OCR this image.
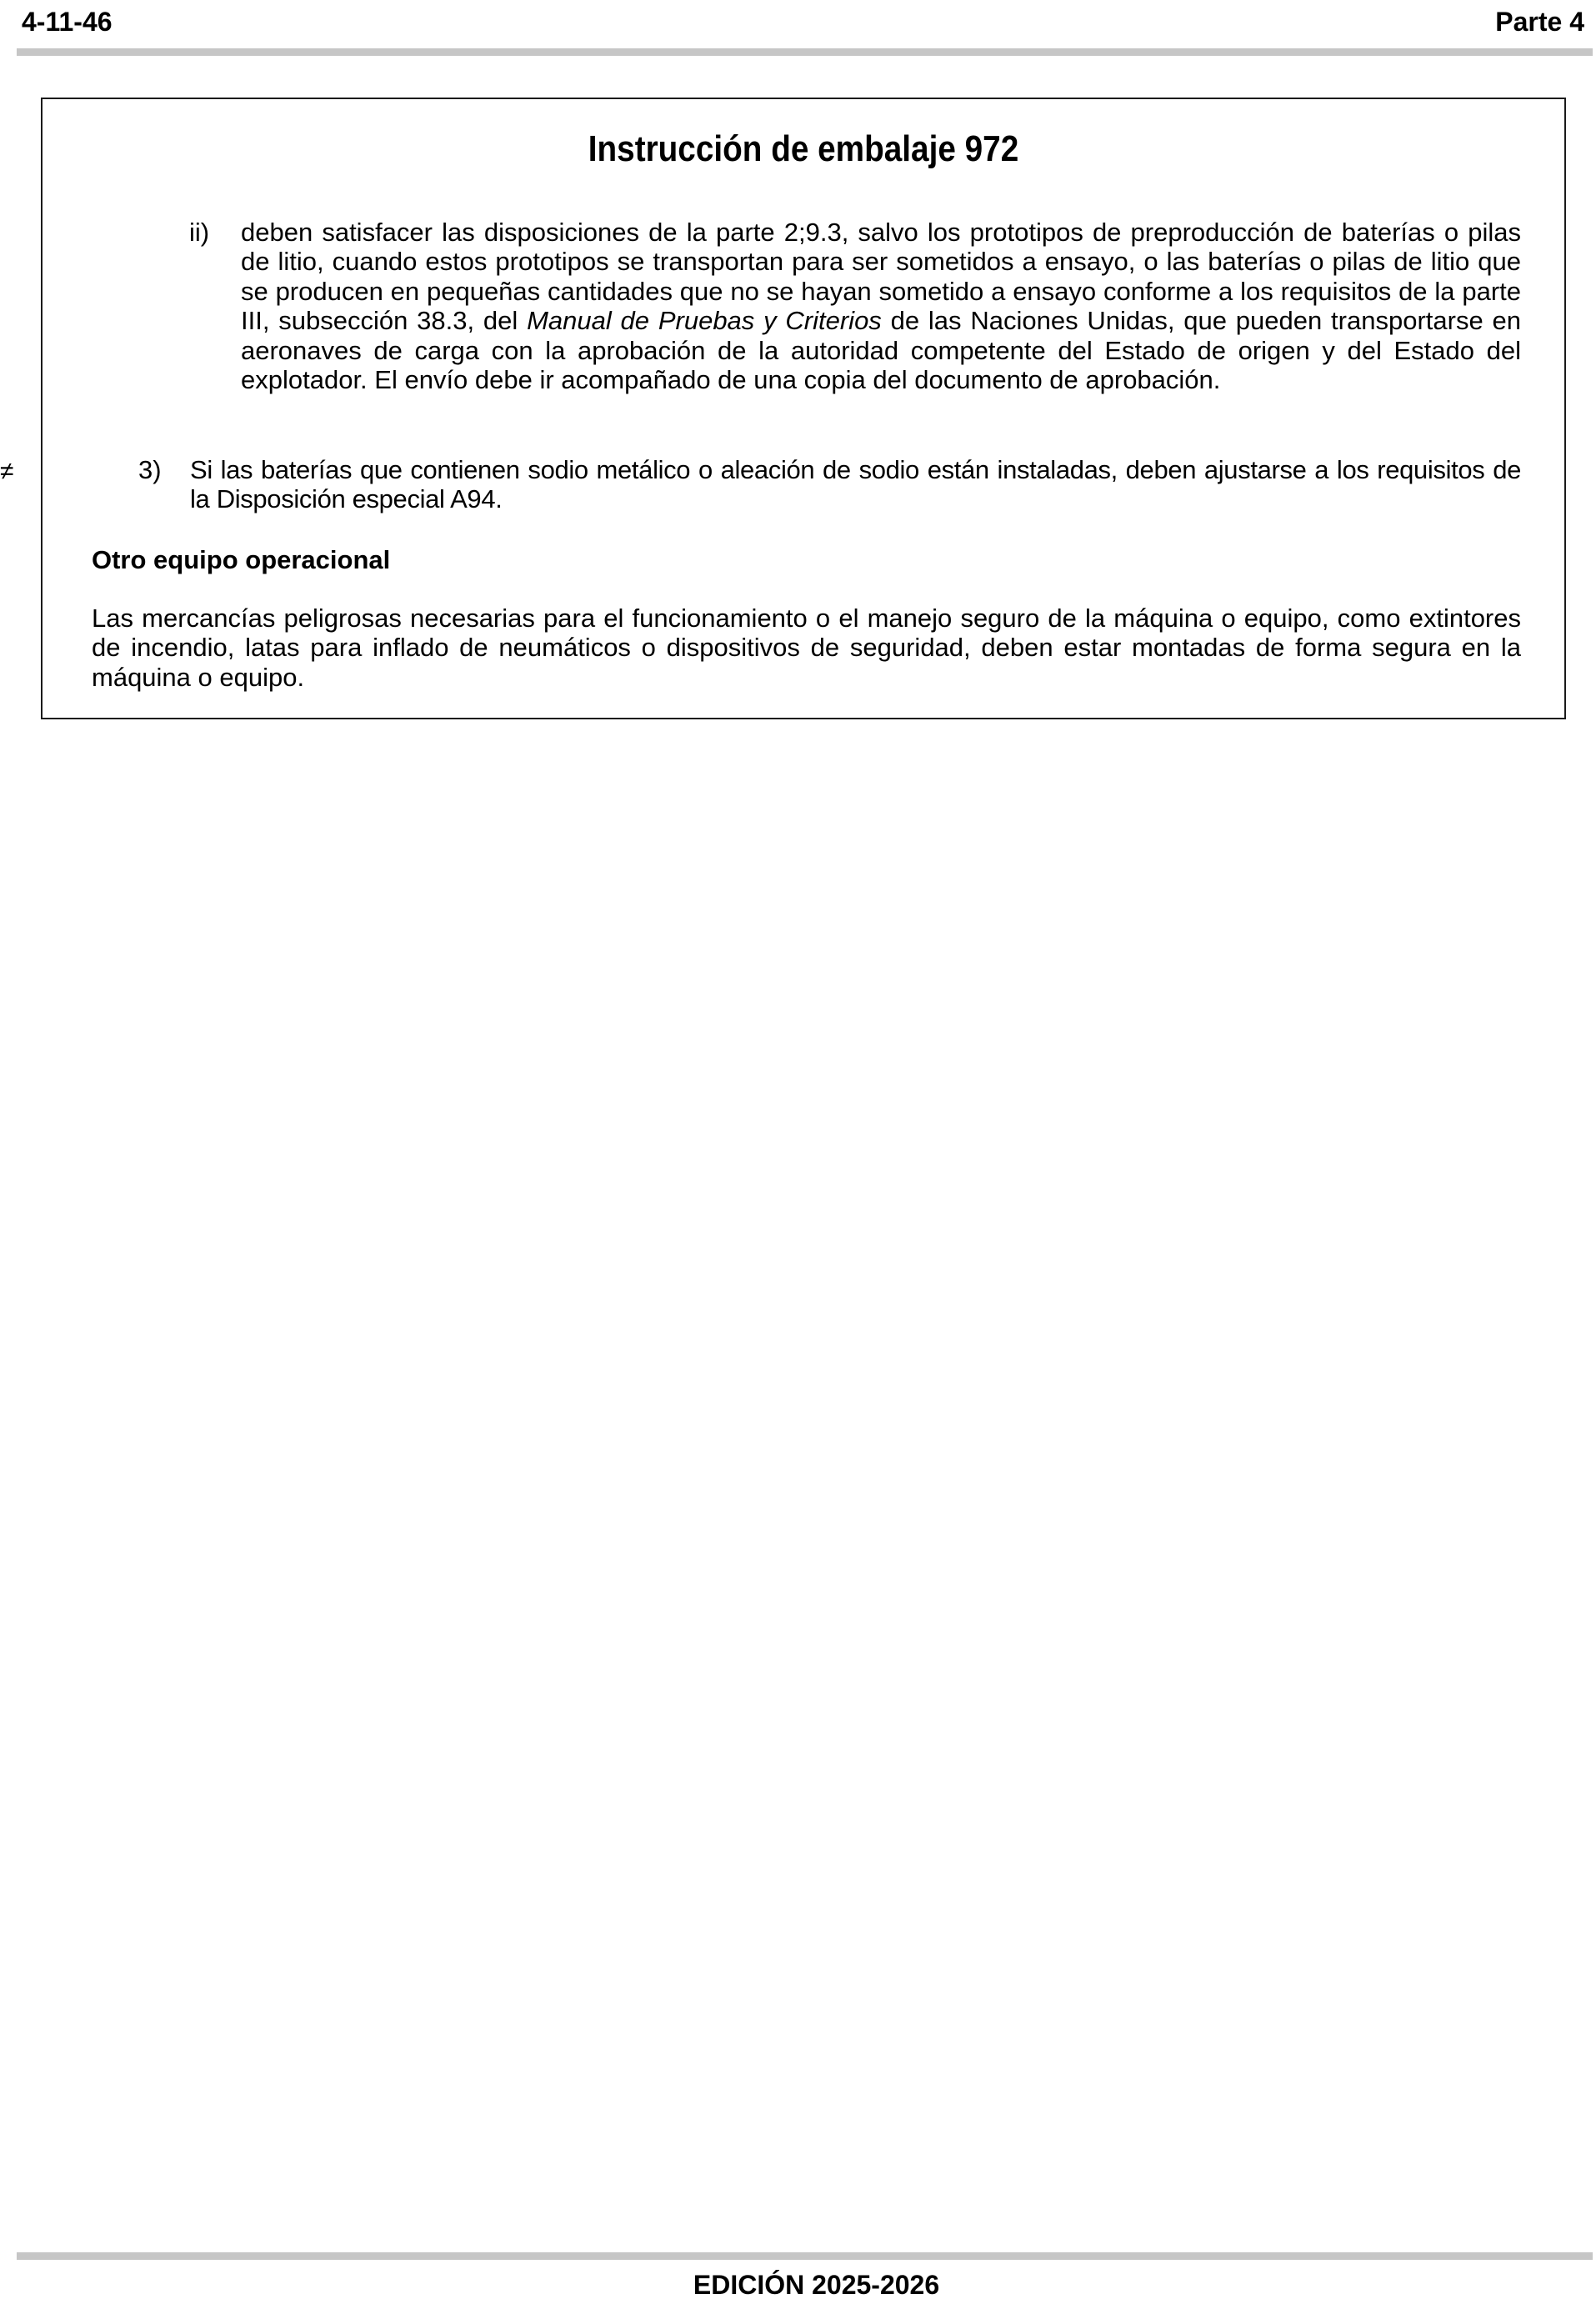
4-11-46	Parte 4
≠
Instrucción de embalaje 972
ii) deben satisfacer las disposiciones de la parte 2;9.3, salvo los prototipos de preproducción de baterías o pilas de litio, cuando estos prototipos se transportan para ser sometidos a ensayo, o las baterías o pilas de litio que se producen en pequeñas cantidades que no se hayan sometido a ensayo conforme a los requisitos de la parte III, subsección 38.3, del Manual de Pruebas y Criterios de las Naciones Unidas, que pueden transportarse en aeronaves de carga con la aprobación de la autoridad competente del Estado de origen y del Estado del explotador. El envío debe ir acompañado de una copia del documento de aprobación.
3) Si las baterías que contienen sodio metálico o aleación de sodio están instaladas, deben ajustarse a los requisitos de la Disposición especial A94.
Otro equipo operacional
Las mercancías peligrosas necesarias para el funcionamiento o el manejo seguro de la máquina o equipo, como extintores de incendio, latas para inflado de neumáticos o dispositivos de seguridad, deben estar montadas de forma segura en la máquina o equipo.
EDICIÓN 2025-2026
